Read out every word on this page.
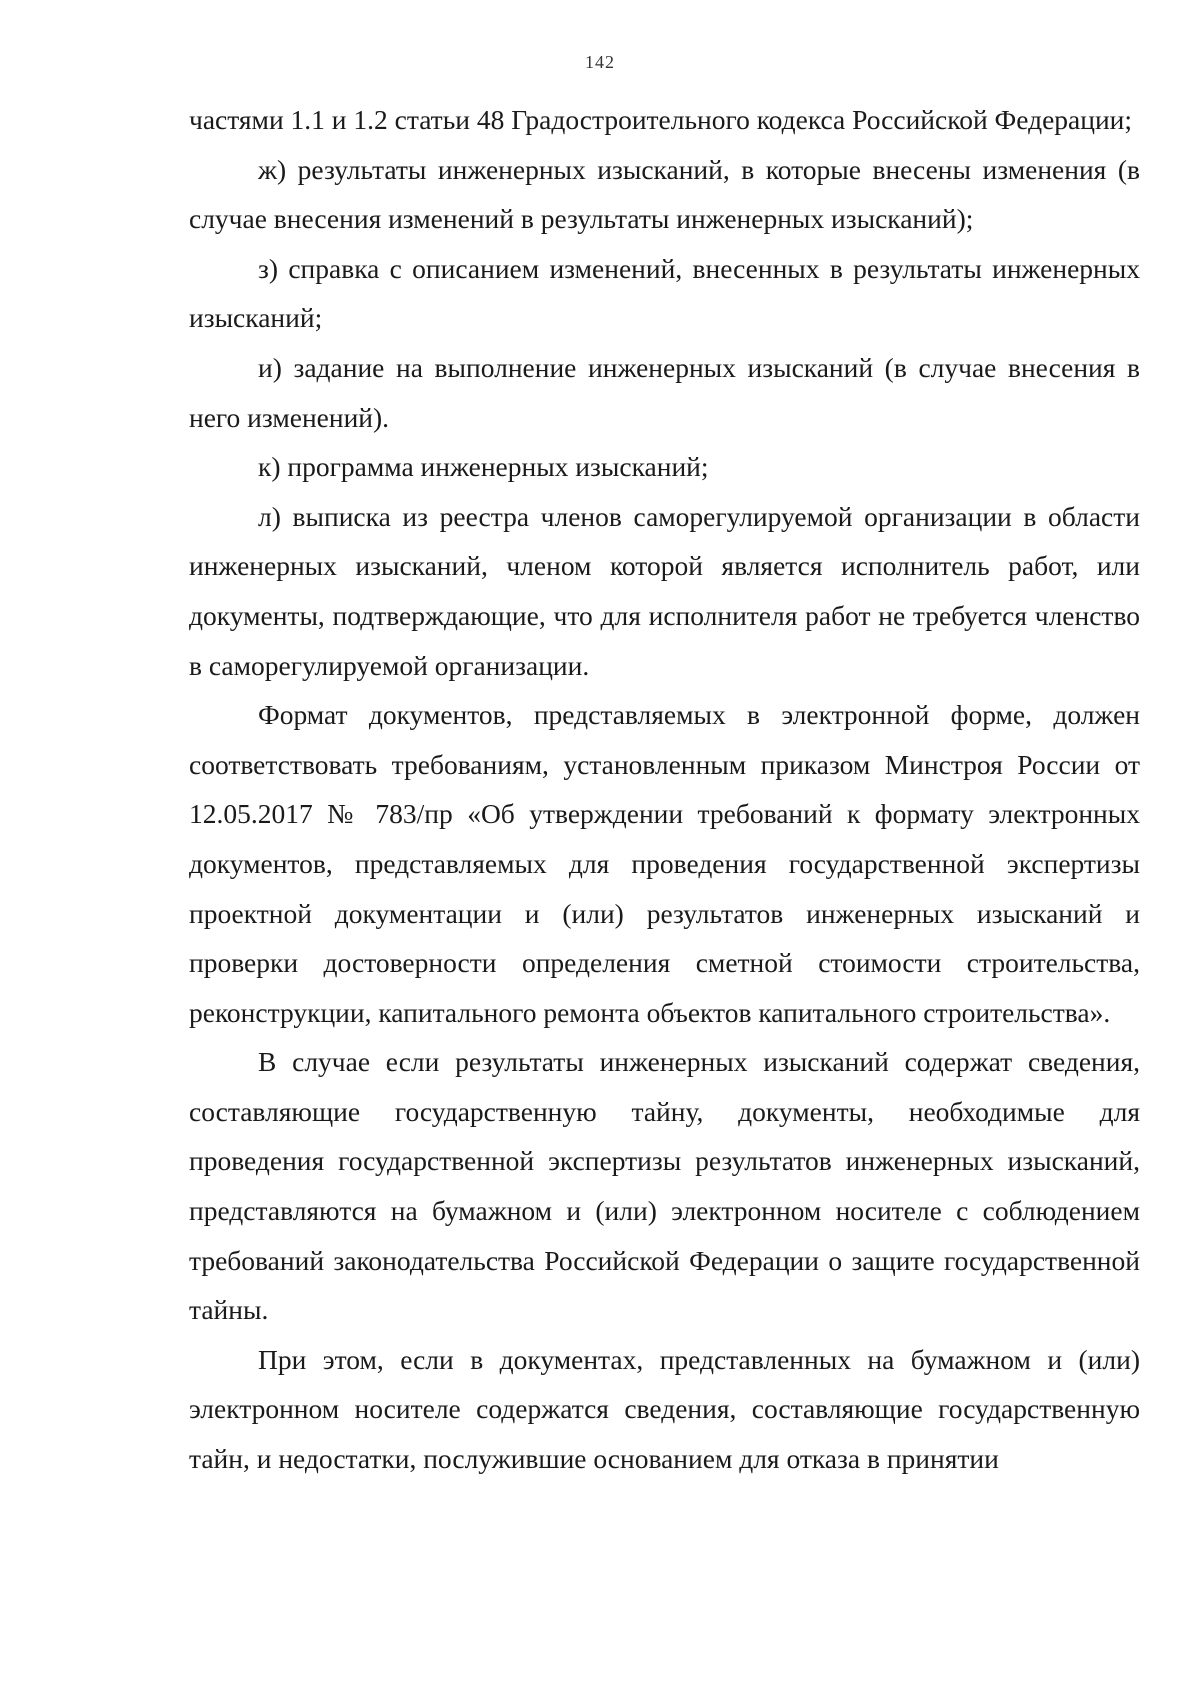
142

частями 1.1 и 1.2 статьи 48 Градостроительного кодекса Российской Федерации;

ж) результаты инженерных изысканий, в которые внесены изменения (в случае внесения изменений в результаты инженерных изысканий);

з) справка с описанием изменений, внесенных в результаты инженерных изысканий;

и) задание на выполнение инженерных изысканий (в случае внесения в него изменений).

к) программа инженерных изысканий;

л) выписка из реестра членов саморегулируемой организации в области инженерных изысканий, членом которой является исполнитель работ, или документы, подтверждающие, что для исполнителя работ не требуется членство в саморегулируемой организации.

Формат документов, представляемых в электронной форме, должен соответствовать требованиям, установленным приказом Минстроя России от 12.05.2017 № 783/пр «Об утверждении требований к формату электронных документов, представляемых для проведения государственной экспертизы проектной документации и (или) результатов инженерных изысканий и проверки достоверности определения сметной стоимости строительства, реконструкции, капитального ремонта объектов капитального строительства».

В случае если результаты инженерных изысканий содержат сведения, составляющие государственную тайну, документы, необходимые для проведения государственной экспертизы результатов инженерных изысканий, представляются на бумажном и (или) электронном носителе с соблюдением требований законодательства Российской Федерации о защите государственной тайны.

При этом, если в документах, представленных на бумажном и (или) электронном носителе содержатся сведения, составляющие государственную тайн, и недостатки, послужившие основанием для отказа в принятии
